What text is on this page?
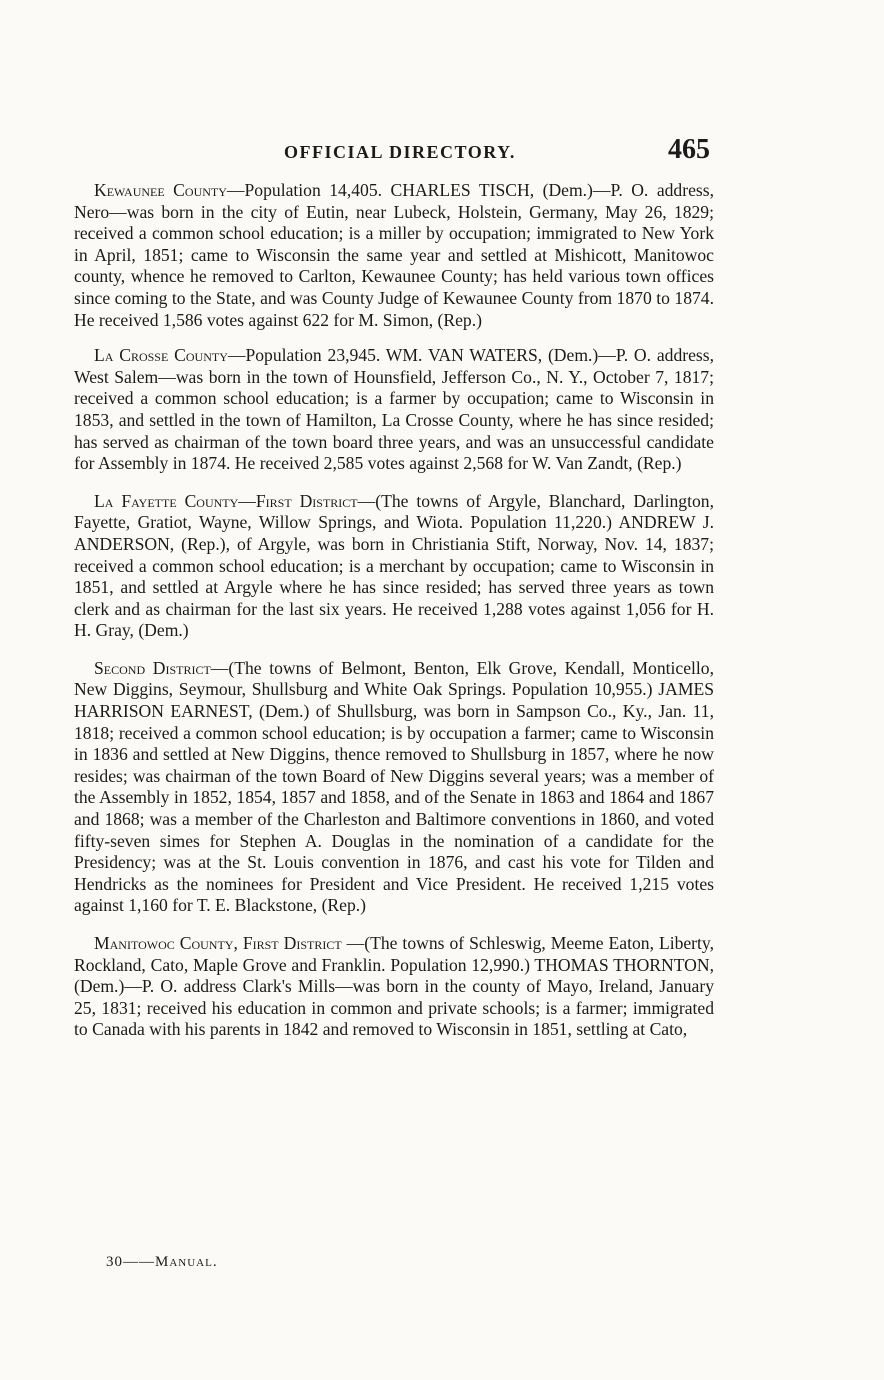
OFFICIAL DIRECTORY.	465

Kewaunee County—Population 14,405. CHARLES TISCH, (Dem.)—P. O. address, Nero—was born in the city of Eutin, near Lubeck, Holstein, Germany, May 26, 1829; received a common school education; is a miller by occupation; immigrated to New York in April, 1851; came to Wisconsin the same year and settled at Mishicott, Manitowoc county, whence he removed to Carlton, Kewaunee County; has held various town offices since coming to the State, and was County Judge of Kewaunee County from 1870 to 1874. He received 1,586 votes against 622 for M. Simon, (Rep.)

La Crosse County—Population 23,945. WM. VAN WATERS, (Dem.)—P. O. address, West Salem—was born in the town of Hounsfield, Jefferson Co., N. Y., October 7, 1817; received a common school education; is a farmer by occupation; came to Wisconsin in 1853, and settled in the town of Hamilton, La Crosse County, where he has since resided; has served as chairman of the town board three years, and was an unsuccessful candidate for Assembly in 1874. He received 2,585 votes against 2,568 for W. Van Zandt, (Rep.)

La Fayette County—First District—(The towns of Argyle, Blanchard, Darlington, Fayette, Gratiot, Wayne, Willow Springs, and Wiota. Population 11,220.) ANDREW J. ANDERSON, (Rep.), of Argyle, was born in Christiania Stift, Norway, Nov. 14, 1837; received a common school education; is a merchant by occupation; came to Wisconsin in 1851, and settled at Argyle where he has since resided; has served three years as town clerk and as chairman for the last six years. He received 1,288 votes against 1,056 for H. H. Gray, (Dem.)

Second District—(The towns of Belmont, Benton, Elk Grove, Kendall, Monticello, New Diggins, Seymour, Shullsburg and White Oak Springs. Population 10,955.) JAMES HARRISON EARNEST, (Dem.) of Shullsburg, was born in Sampson Co., Ky., Jan. 11, 1818; received a common school education; is by occupation a farmer; came to Wisconsin in 1836 and settled at New Diggins, thence removed to Shullsburg in 1857, where he now resides; was chairman of the town Board of New Diggins several years; was a member of the Assembly in 1852, 1854, 1857 and 1858, and of the Senate in 1863 and 1864 and 1867 and 1868; was a member of the Charleston and Baltimore conventions in 1860, and voted fifty-seven simes for Stephen A. Douglas in the nomination of a candidate for the Presidency; was at the St. Louis convention in 1876, and cast his vote for Tilden and Hendricks as the nominees for President and Vice President. He received 1,215 votes against 1,160 for T. E. Blackstone, (Rep.)

Manitowoc County, First District —(The towns of Schleswig, Meeme Eaton, Liberty, Rockland, Cato, Maple Grove and Franklin. Population 12,990.) THOMAS THORNTON, (Dem.)—P. O. address Clark's Mills—was born in the county of Mayo, Ireland, January 25, 1831; received his education in common and private schools; is a farmer; immigrated to Canada with his parents in 1842 and removed to Wisconsin in 1851, settling at Cato,

30——Manual.
